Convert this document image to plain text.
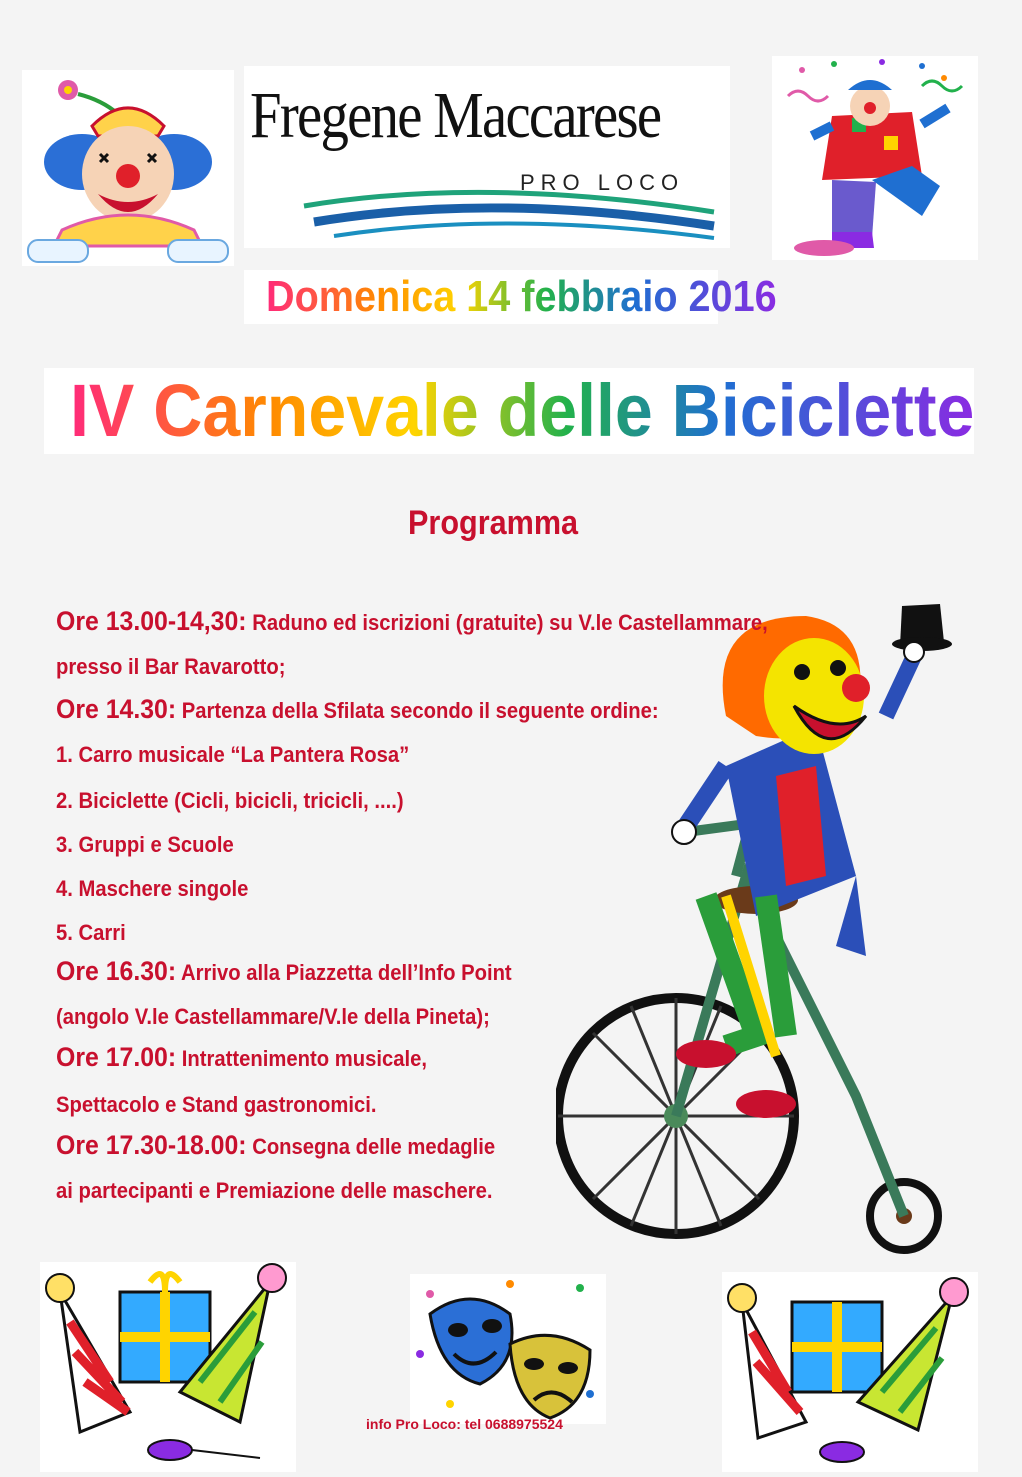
Fregene Maccarese
PRO LOCO
Domenica 14 febbraio 2016
IV Carnevale delle Biciclette
Programma
Ore 13.00-14,30: Raduno ed iscrizioni (gratuite) su V.le Castellammare,
presso il Bar Ravarotto;
Ore 14.30: Partenza della Sfilata secondo il seguente ordine:
1. Carro musicale “La Pantera Rosa”
2. Biciclette (Cicli, bicicli, tricicli, ....)
3. Gruppi e Scuole
4. Maschere singole
5. Carri
Ore 16.30: Arrivo alla Piazzetta dell’Info Point
(angolo V.le Castellammare/V.le della Pineta);
Ore 17.00: Intrattenimento musicale,
Spettacolo e Stand gastronomici.
Ore 17.30-18.00: Consegna delle medaglie
ai partecipanti e Premiazione delle maschere.
info Pro Loco: tel 0688975524
